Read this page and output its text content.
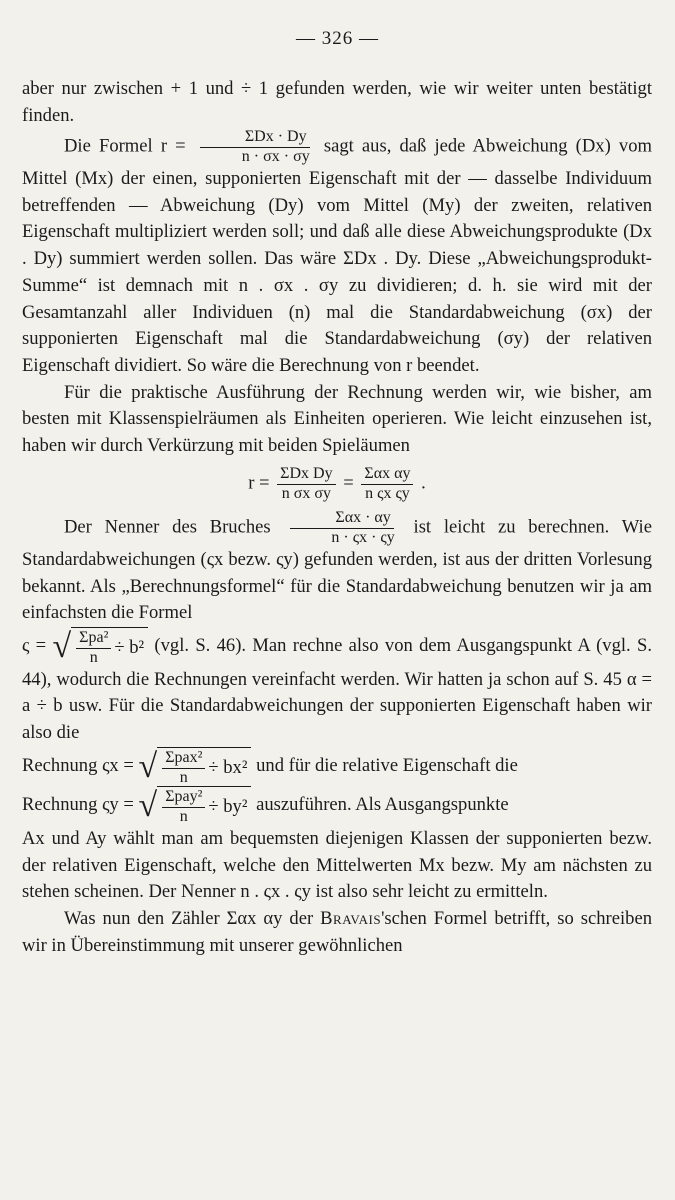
— 326 —

aber nur zwischen + 1 und ÷ 1 gefunden werden, wie wir weiter unten bestätigt finden.

Die Formel $r = \frac{\text{ΣDx · Dy}}{n \cdot \sigma x \cdot \sigma y}$ sagt aus, daß jede Abweichung (Dx) vom Mittel (Mx) der einen, supponierten Eigenschaft mit der — dasselbe Individuum betreffenden — Abweichung (Dy) vom Mittel (My) der zweiten, relativen Eigenschaft multipliziert werden soll; und daß alle diese Abweichungsprodukte (Dx . Dy) summiert werden sollen. Das wäre ΣDx . Dy. Diese „Abweichungsprodukt-Summe“ ist demnach mit n . σx . σy zu dividieren; d. h. sie wird mit der Gesamtanzahl aller Individuen (n) mal die Standardabweichung (σx) der supponierten Eigenschaft mal die Standardabweichung (σy) der relativen Eigenschaft dividiert. So wäre die Berechnung von r beendet.

Für die praktische Ausführung der Rechnung werden wir, wie bisher, am besten mit Klassenspielräumen als Einheiten operieren. Wie leicht einzusehen ist, haben wir durch Verkürzung mit beiden Spieläumen

$r = \frac{\text{ΣDx Dy}}{\text{n σx σy}} = \frac{\text{Σαx αy}}{\text{n ςx ςy}}$ .

Der Nenner des Bruches $\frac{\text{Σαx · αy}}{n \cdot \varsigma x \cdot \varsigma y}$ ist leicht zu berechnen. Wie Standardabweichungen (ςx bezw. ςy) gefunden werden, ist aus der dritten Vorlesung bekannt. Als „Berechnungsformel“ für die Standardabweichung benutzen wir ja am einfachsten die Formel

ς = √ $\frac{\text{Σpa²}}{n} \div b^2$ (vgl. S. 46). Man rechne also von dem Ausgangspunkt A (vgl. S. 44), wodurch die Rechnungen vereinfacht werden. Wir hatten ja schon auf S. 45 α = a ÷ b usw. Für die Standardabweichungen der supponierten Eigenschaft haben wir also die

Rechnung ςx = √ $\frac{\text{Σpax²}}{n} \div bx^2$ und für die relative Eigenschaft die

Rechnung ςy = √ $\frac{\text{Σpay²}}{n} \div by^2$ auszuführen. Als Ausgangspunkte

Ax und Ay wählt man am bequemsten diejenigen Klassen der supponierten bezw. der relativen Eigenschaft, welche den Mittelwerten Mx bezw. My am nächsten zu stehen scheinen. Der Nenner n . ςx . ςy ist also sehr leicht zu ermitteln.

Was nun den Zähler Σαx αy der Bravais'schen Formel betrifft, so schreiben wir in Übereinstimmung mit unserer gewöhnlichen
